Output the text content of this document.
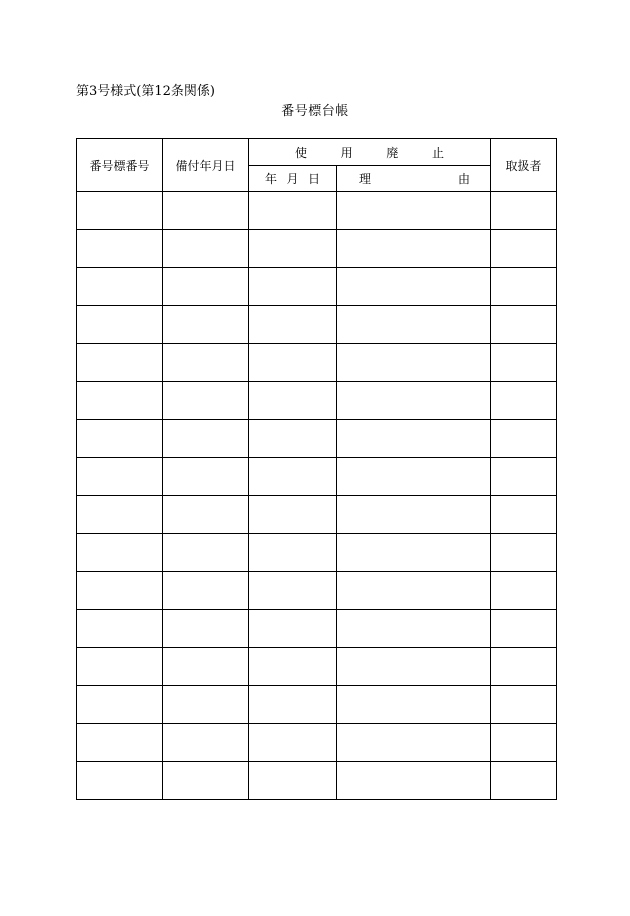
第3号様式(第12条関係)
番号標台帳
番号標番号	備付年月日	使 用 廃 止		取扱者

		年 月 日	理 由	
